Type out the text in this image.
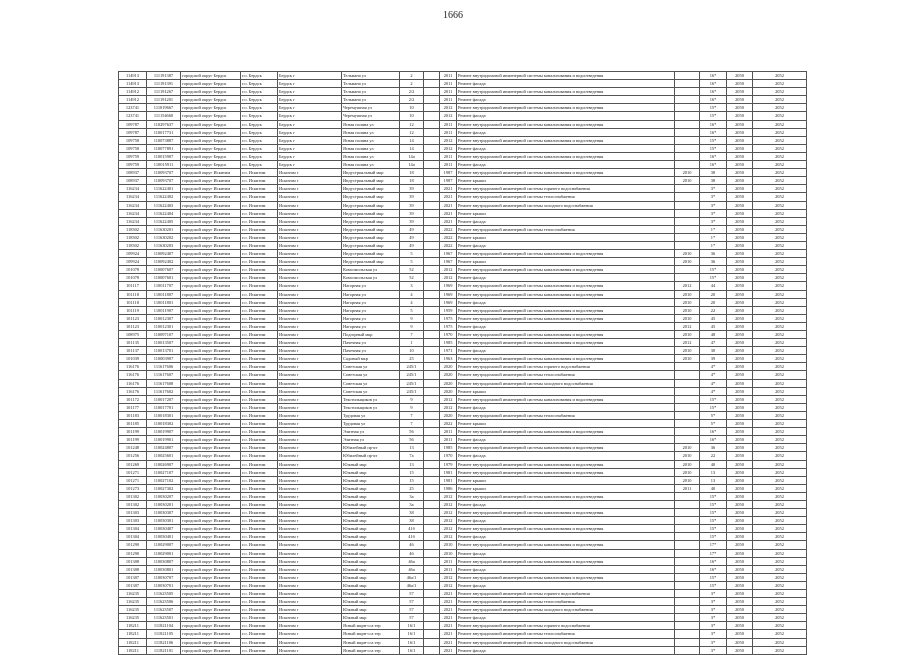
1666
114913	111191387	городской округ Бердск	г.о. Бердск	Бердск г	Тельмана ул	2		2011	Ремонт внутридомовой инженерной системы канализования и водоотведения		16*	2050	2052
114913	111191391	городской округ Бердск	г.о. Бердск	Бердск г	Тельмана ул	2		2011	Ремонт фасада		16*	2050	2052
114912	111191267	городской округ Бердск	г.о. Бердск	Бердск г	Тельмана ул	2/2		2011	Ремонт внутридомовой инженерной системы канализования и водоотведения		16*	2050	2052
114912	111191201	городской округ Бердск	г.о. Бердск	Бердск г	Тельмана ул	2/2		2011	Ремонт фасада		16*	2050	2052
123741	111019667	городской округ Бердск	г.о. Бердск	Бердск г	Черемушная ул	10		2012	Ремонт внутридомовой инженерной системы канализования и водоотведения		15*	2050	2052
123741	111154660	городской округ Бердск	г.о. Бердск	Бердск г	Черемушная ул	10		2012	Ремонт фасада		15*	2050	2052
109787	110297637	городской округ Бердск	г.о. Бердск	Бердск г	Ясная поляна ул	12		2011	Ремонт внутридомовой инженерной системы канализования и водоотведения		16*	2050	2052
109787	110017731	городской округ Бердск	г.о. Бердск	Бердск г	Ясная поляна ул	12		2011	Ремонт фасада		16*	2050	2052
109758	110073887	городской округ Бердск	г.о. Бердск	Бердск г	Ясная поляна ул	14		2012	Ремонт внутридомовой инженерной системы канализования и водоотведения		15*	2050	2052
109758	110077891	городской округ Бердск	г.о. Бердск	Бердск г	Ясная поляна ул	14		2012	Ремонт фасада		15*	2050	2052
109759	110015907	городской округ Бердск	г.о. Бердск	Бердск г	Ясная поляна ул	14а		2011	Ремонт внутридомовой инженерной системы канализования и водоотведения		16*	2050	2052
109759	110015911	городской округ Бердск	г.о. Бердск	Бердск г	Ясная поляна ул	14а		2011	Ремонт фасада		16*	2050	2052
108937	110093707	городской округ Искитим	г.о. Искитим	Искитим г	Индустриальный мкр	18		1987	Ремонт внутридомовой инженерной системы канализования и водоотведения	2010	38	2050	2052
108937	110093707	городской округ Искитим	г.о. Искитим	Искитим г	Индустриальный мкр	18		1987	Ремонт крыши	2010	38	2050	2052
116234	111622401	городской округ Искитим	г.о. Искитим	Искитим г	Индустриальный мкр	39		2021	Ремонт внутридомовой инженерной системы горячего водоснабжения		3*	2050	2052
116234	111622402	городской округ Искитим	г.о. Искитим	Искитим г	Индустриальный мкр	39		2021	Ремонт внутридомовой инженерной системы теплоснабжения		3*	2050	2052
116234	111622403	городской округ Искитим	г.о. Искитим	Искитим г	Индустриальный мкр	39		2021	Ремонт внутридомовой инженерной системы холодного водоснабжения		3*	2050	2052
116234	111622404	городской округ Искитим	г.о. Искитим	Искитим г	Индустриальный мкр	39		2021	Ремонт крыши		3*	2050	2052
116234	111622405	городской округ Искитим	г.о. Искитим	Искитим г	Индустриальный мкр	39		2021	Ремонт фасада		3*	2050	2052
118302	111630201	городской округ Искитим	г.о. Искитим	Искитим г	Индустриальный мкр	49		2022	Ремонт внутридомовой инженерной системы теплоснабжения		1*	2050	2052
118302	111630202	городской округ Искитим	г.о. Искитим	Искитим г	Индустриальный мкр	49		2022	Ремонт крыши		1*	2050	2052
118302	111630203	городской округ Искитим	г.о. Искитим	Искитим г	Индустриальный мкр	49		2022	Ремонт фасада		1*	2050	2052
109924	110092407	городской округ Искитим	г.о. Искитим	Искитим г	Индустриальный мкр	5		1967	Ремонт внутридомовой инженерной системы канализования и водоотведения	2010	36	2050	2052
109924	110092402	городской округ Искитим	г.о. Искитим	Искитим г	Индустриальный мкр	5		1967	Ремонт крыши	2010	36	2050	2052
101078	110007607	городской округ Искитим	г.о. Искитим	Искитим г	Комсомольская ул	52		2012	Ремонт внутридомовой инженерной системы канализования и водоотведения		15*	2050	2052
101078	110007601	городской округ Искитим	г.о. Искитим	Искитим г	Комсомольская ул	52		2012	Ремонт фасада		15*	2050	2052
101117	110011707	городской округ Искитим	г.о. Искитим	Искитим г	Нагорная ул	3		1969	Ремонт внутридомовой инженерной системы канализования и водоотведения	2012	44	2050	2052
101118	110011807	городской округ Искитим	г.о. Искитим	Искитим г	Нагорная ул	4		1969	Ремонт внутридомовой инженерной системы канализования и водоотведения	2010	20	2050	2052
101118	110011801	городской округ Искитим	г.о. Искитим	Искитим г	Нагорная ул	4		1969	Ремонт фасада	2010	20	2050	2052
101119	110011907	городской округ Искитим	г.о. Искитим	Искитим г	Нагорная ул	5		1959	Ремонт внутридомовой инженерной системы канализования и водоотведения	2010	22	2050	2052
101123	110012307	городской округ Искитим	г.о. Искитим	Искитим г	Нагорная ул	9		1975	Ремонт внутридомовой инженерной системы канализования и водоотведения	2010	45	2050	2052
101123	110012301	городской округ Искитим	г.о. Искитим	Искитим г	Нагорная ул	9		1975	Ремонт фасада	2012	45	2050	2052
108975	110097107	городской округ Искитим	г.о. Искитим	Искитим г	Подгорный мкр	7		1970	Ремонт внутридомовой инженерной системы канализования и водоотведения	2010	48	2050	2052
101135	110013507	городской округ Искитим	г.о. Искитим	Искитим г	Пачечная ул	1		1985	Ремонт внутридомовой инженерной системы канализования и водоотведения	2012	47	2050	2052
101137	110013701	городской округ Искитим	г.о. Искитим	Искитим г	Пачечная ул	10		1971	Ремонт фасада	2010	30	2050	2052
101039	110003907	городской округ Искитим	г.о. Искитим	Искитим г	Садовый мкр	25		1963	Ремонт внутридомовой инженерной системы канализования и водоотведения	2010	39	2050	2052
116176	111617606	городской округ Искитим	г.о. Искитим	Искитим г	Советская ул	245/1		2020	Ремонт внутридомовой инженерной системы горячего водоснабжения		4*	2050	2052
116176	111617607	городской округ Искитим	г.о. Искитим	Искитим г	Советская ул	245/1		2020	Ремонт внутридомовой инженерной системы теплоснабжения		4*	2050	2052
116176	111617608	городской округ Искитим	г.о. Искитим	Искитим г	Советская ул	245/1		2020	Ремонт внутридомовой инженерной системы холодного водоснабжения		4*	2050	2052
116176	111617602	городской округ Искитим	г.о. Искитим	Искитим г	Советская ул	245/1		2020	Ремонт крыши		4*	2050	2052
101172	110017207	городской округ Искитим	г.о. Искитим	Искитим г	Текстильщиков ул	9		2012	Ремонт внутридомовой инженерной системы канализования и водоотведения		15*	2050	2052
101177	110017701	городской округ Искитим	г.о. Искитим	Искитим г	Текстильщиков ул	9		2012	Ремонт фасада		15*	2050	2052
101183	110018301	городской округ Искитим	г.о. Искитим	Искитим г	Трудовая ул	7		2020	Ремонт внутридомовой инженерной системы теплоснабжения		5*	2050	2052
101185	110018302	городской округ Искитим	г.о. Искитим	Искитим г	Трудовая ул	7		2022	Ремонт крыши		5*	2050	2052
101199	110019907	городской округ Искитим	г.о. Искитим	Искитим г	Элитная ул	56		2011	Ремонт внутридомовой инженерной системы канализования и водоотведения		16*	2050	2052
101199	110019901	городской округ Искитим	г.о. Искитим	Искитим г	Элитная ул	56		2011	Ремонт фасада		16*	2050	2052
101248	110024807	городской округ Искитим	г.о. Искитим	Искитим г	Юбилейный пр-кт	13		1985	Ремонт внутридомовой инженерной системы канализования и водоотведения	2010	36	2050	2052
101256	110025601	городской округ Искитим	г.о. Искитим	Искитим г	Юбилейный пр-кт	7а		1970	Ремонт фасада	2010	22	2050	2052
101269	110026907	городской округ Искитим	г.о. Искитим	Искитим г	Южный мкр	13		1979	Ремонт внутридомовой инженерной системы канализования и водоотведения	2010	40	2050	2052
101271	110027107	городской округ Искитим	г.о. Искитим	Искитим г	Южный мкр	15		1981	Ремонт внутридомовой инженерной системы канализования и водоотведения	2010	13	2050	2052
101271	110027102	городской округ Искитим	г.о. Искитим	Искитим г	Южный мкр	15		1981	Ремонт крыши	2010	13	2050	2052
101273	110027302	городской округ Искитим	г.о. Искитим	Искитим г	Южный мкр	25		1986	Ремонт крыши	2011	40	2050	2052
101302	110030207	городской округ Искитим	г.о. Искитим	Искитим г	Южный мкр	3а		2012	Ремонт внутридомовой инженерной системы канализования и водоотведения		15*	2050	2052
101302	110030201	городской округ Искитим	г.о. Искитим	Искитим г	Южный мкр	3а		2012	Ремонт фасада		15*	2050	2052
101303	110030307	городской округ Искитим	г.о. Искитим	Искитим г	Южный мкр	38		2012	Ремонт внутридомовой инженерной системы канализования и водоотведения		15*	2050	2052
101303	110030301	городской округ Искитим	г.о. Искитим	Искитим г	Южный мкр	38		2012	Ремонт фасада		15*	2050	2052
101304	110030407	городской округ Искитим	г.о. Искитим	Искитим г	Южный мкр	41б		2012	Ремонт внутридомовой инженерной системы канализования и водоотведения		15*	2050	2052
101304	110030401	городской округ Искитим	г.о. Искитим	Искитим г	Южный мкр	41б		2012	Ремонт фасада		15*	2050	2052
101290	110029007	городской округ Искитим	г.о. Искитим	Искитим г	Южный мкр	46		2010	Ремонт внутридомовой инженерной системы канализования и водоотведения		17*	2050	2052
101290	110029001	городской округ Искитим	г.о. Искитим	Искитим г	Южный мкр	46		2010	Ремонт фасада		17*	2050	2052
101308	110030807	городской округ Искитим	г.о. Искитим	Искитим г	Южный мкр	46а		2011	Ремонт внутридомовой инженерной системы канализования и водоотведения		16*	2050	2052
101308	110030801	городской округ Искитим	г.о. Искитим	Искитим г	Южный мкр	46а		2011	Ремонт фасада		16*	2050	2052
101307	110030707	городской округ Искитим	г.о. Искитим	Искитим г	Южный мкр	46а/1		2012	Ремонт внутридомовой инженерной системы канализования и водоотведения		15*	2050	2052
101307	110030701	городской округ Искитим	г.о. Искитим	Искитим г	Южный мкр	46а/1		2012	Ремонт фасада		15*	2050	2052
116235	111623505	городской округ Искитим	г.о. Искитим	Искитим г	Южный мкр	57		2021	Ремонт внутридомовой инженерной системы горячего водоснабжения		3*	2050	2052
116235	111623506	городской округ Искитим	г.о. Искитим	Искитим г	Южный мкр	57		2021	Ремонт внутридомовой инженерной системы теплоснабжения		3*	2050	2052
116235	111623507	городской округ Искитим	г.о. Искитим	Искитим г	Южный мкр	57		2021	Ремонт внутридомовой инженерной системы холодного водоснабжения		3*	2050	2052
116235	111623501	городской округ Искитим	г.о. Искитим	Искитим г	Южный мкр	57		2021	Ремонт фасада		3*	2050	2052
118211	111821104	городской округ Искитим	г.о. Искитим	Искитим г	Ясный мкрн-сса тер	16/1		2021	Ремонт внутридомовой инженерной системы горячего водоснабжения		3*	2050	2052
118211	111821105	городской округ Искитим	г.о. Искитим	Искитим г	Ясный мкрн-сса тер	16/1		2021	Ремонт внутридомовой инженерной системы теплоснабжения		3*	2050	2052
118211	111821106	городской округ Искитим	г.о. Искитим	Искитим г	Ясный мкрн-сса тер	16/1		2021	Ремонт внутридомовой инженерной системы холодного водоснабжения		3*	2050	2052
118211	111821101	городской округ Искитим	г.о. Искитим	Искитим г	Ясный мкрн-сса тер	16/1		2021	Ремонт фасада		3*	2050	2052
